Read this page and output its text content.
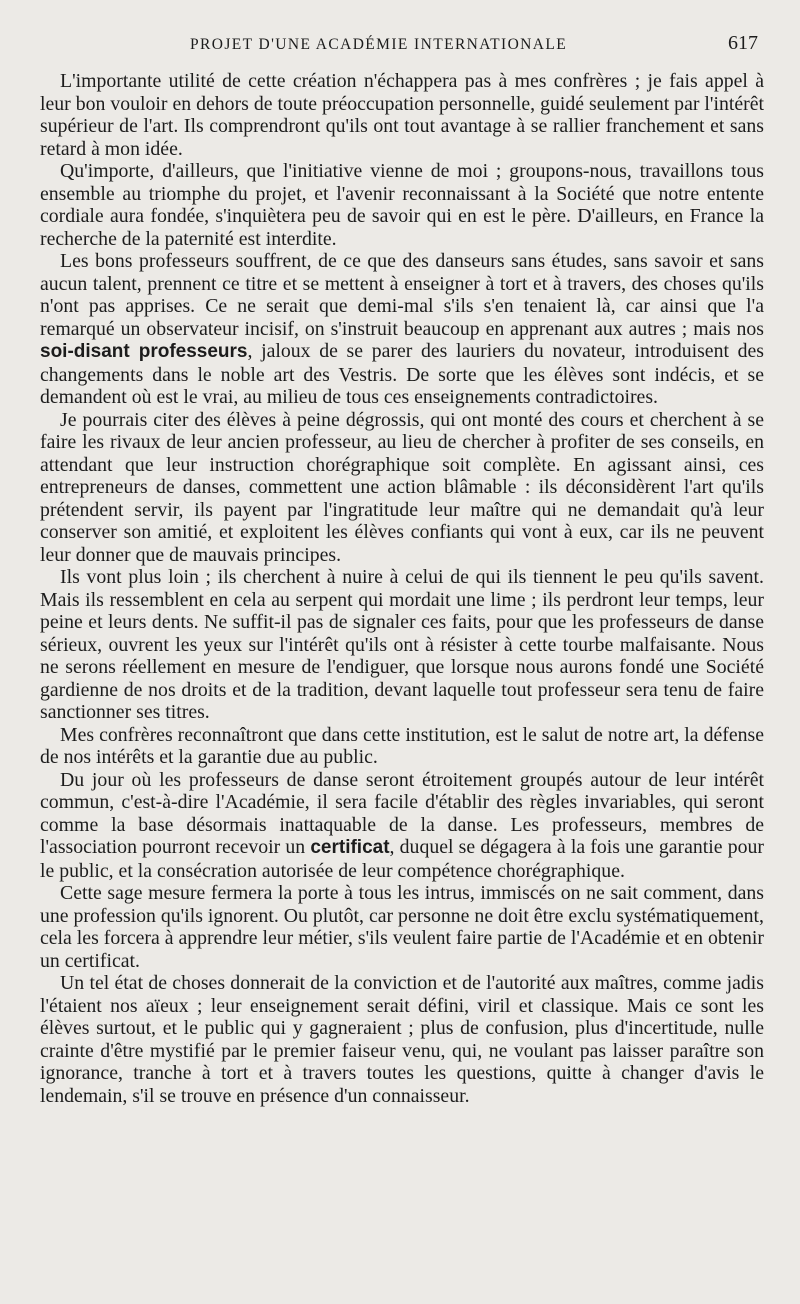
PROJET D'UNE ACADÉMIE INTERNATIONALE	617

L'importante utilité de cette création n'échappera pas à mes confrères ; je fais appel à leur bon vouloir en dehors de toute préoccupation personnelle, guidé seulement par l'intérêt supérieur de l'art. Ils comprendront qu'ils ont tout avantage à se rallier franchement et sans retard à mon idée.

Qu'importe, d'ailleurs, que l'initiative vienne de moi ; groupons-nous, travaillons tous ensemble au triomphe du projet, et l'avenir reconnaissant à la Société que notre entente cordiale aura fondée, s'inquiètera peu de savoir qui en est le père. D'ailleurs, en France la recherche de la paternité est interdite.

Les bons professeurs souffrent, de ce que des danseurs sans études, sans savoir et sans aucun talent, prennent ce titre et se mettent à enseigner à tort et à travers, des choses qu'ils n'ont pas apprises. Ce ne serait que demi-mal s'ils s'en tenaient là, car ainsi que l'a remarqué un observateur incisif, on s'instruit beaucoup en apprenant aux autres ; mais nos soi-disant professeurs, jaloux de se parer des lauriers du novateur, introduisent des changements dans le noble art des Vestris. De sorte que les élèves sont indécis, et se demandent où est le vrai, au milieu de tous ces enseignements contradictoires.

Je pourrais citer des élèves à peine dégrossis, qui ont monté des cours et cherchent à se faire les rivaux de leur ancien professeur, au lieu de chercher à profiter de ses conseils, en attendant que leur instruction chorégraphique soit complète. En agissant ainsi, ces entrepreneurs de danses, commettent une action blâmable : ils déconsidèrent l'art qu'ils prétendent servir, ils payent par l'ingratitude leur maître qui ne demandait qu'à leur conserver son amitié, et exploitent les élèves confiants qui vont à eux, car ils ne peuvent leur donner que de mauvais principes.

Ils vont plus loin ; ils cherchent à nuire à celui de qui ils tiennent le peu qu'ils savent. Mais ils ressemblent en cela au serpent qui mordait une lime ; ils perdront leur temps, leur peine et leurs dents. Ne suffit-il pas de signaler ces faits, pour que les professeurs de danse sérieux, ouvrent les yeux sur l'intérêt qu'ils ont à résister à cette tourbe malfaisante. Nous ne serons réellement en mesure de l'endiguer, que lorsque nous aurons fondé une Société gardienne de nos droits et de la tradition, devant laquelle tout professeur sera tenu de faire sanctionner ses titres.

Mes confrères reconnaîtront que dans cette institution, est le salut de notre art, la défense de nos intérêts et la garantie due au public.

Du jour où les professeurs de danse seront étroitement groupés autour de leur intérêt commun, c'est-à-dire l'Académie, il sera facile d'établir des règles invariables, qui seront comme la base désormais inattaquable de la danse. Les professeurs, membres de l'association pourront recevoir un certificat, duquel se dégagera à la fois une garantie pour le public, et la consécration autorisée de leur compétence chorégraphique.

Cette sage mesure fermera la porte à tous les intrus, immiscés on ne sait comment, dans une profession qu'ils ignorent. Ou plutôt, car personne ne doit être exclu systématiquement, cela les forcera à apprendre leur métier, s'ils veulent faire partie de l'Académie et en obtenir un certificat.

Un tel état de choses donnerait de la conviction et de l'autorité aux maîtres, comme jadis l'étaient nos aïeux ; leur enseignement serait défini, viril et classique. Mais ce sont les élèves surtout, et le public qui y gagneraient ; plus de confusion, plus d'incertitude, nulle crainte d'être mystifié par le premier faiseur venu, qui, ne voulant pas laisser paraître son ignorance, tranche à tort et à travers toutes les questions, quitte à changer d'avis le lendemain, s'il se trouve en présence d'un connaisseur.
